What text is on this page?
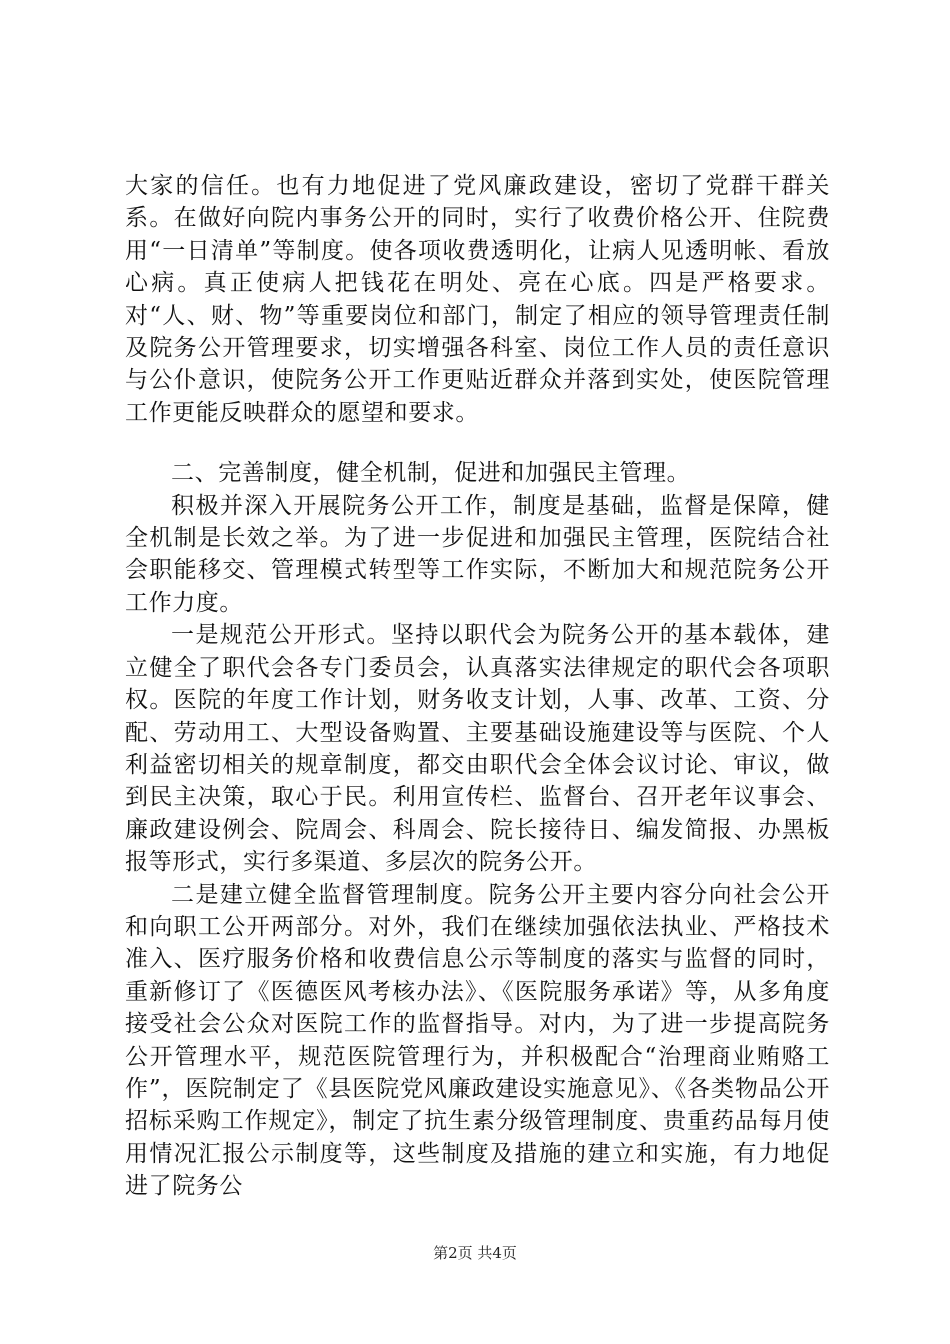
大家的信任。也有力地促进了党风廉政建设，密切了党群干群关系。在做好向院内事务公开的同时，实行了收费价格公开、住院费用“一日清单”等制度。使各项收费透明化，让病人见透明帐、看放心病。真正使病人把钱花在明处、亮在心底。四是严格要求。对“人、财、物”等重要岗位和部门，制定了相应的领导管理责任制及院务公开管理要求，切实增强各科室、岗位工作人员的责任意识与公仆意识，使院务公开工作更贴近群众并落到实处，使医院管理工作更能反映群众的愿望和要求。

二、完善制度，健全机制，促进和加强民主管理。

积极并深入开展院务公开工作，制度是基础，监督是保障，健全机制是长效之举。为了进一步促进和加强民主管理，医院结合社会职能移交、管理模式转型等工作实际，不断加大和规范院务公开工作力度。

一是规范公开形式。坚持以职代会为院务公开的基本载体，建立健全了职代会各专门委员会，认真落实法律规定的职代会各项职权。医院的年度工作计划，财务收支计划，人事、改革、工资、分配、劳动用工、大型设备购置、主要基础设施建设等与医院、个人利益密切相关的规章制度，都交由职代会全体会议讨论、审议，做到民主决策，取心于民。利用宣传栏、监督台、召开老年议事会、廉政建设例会、院周会、科周会、院长接待日、编发简报、办黑板报等形式，实行多渠道、多层次的院务公开。

二是建立健全监督管理制度。院务公开主要内容分向社会公开和向职工公开两部分。对外，我们在继续加强依法执业、严格技术准入、医疗服务价格和收费信息公示等制度的落实与监督的同时，重新修订了《医德医风考核办法》、《医院服务承诺》等，从多角度接受社会公众对医院工作的监督指导。对内，为了进一步提高院务公开管理水平，规范医院管理行为，并积极配合“治理商业贿赂工作”，医院制定了《县医院党风廉政建设实施意见》、《各类物品公开招标采购工作规定》，制定了抗生素分级管理制度、贵重药品每月使用情况汇报公示制度等，这些制度及措施的建立和实施，有力地促进了院务公

第2页 共4页
